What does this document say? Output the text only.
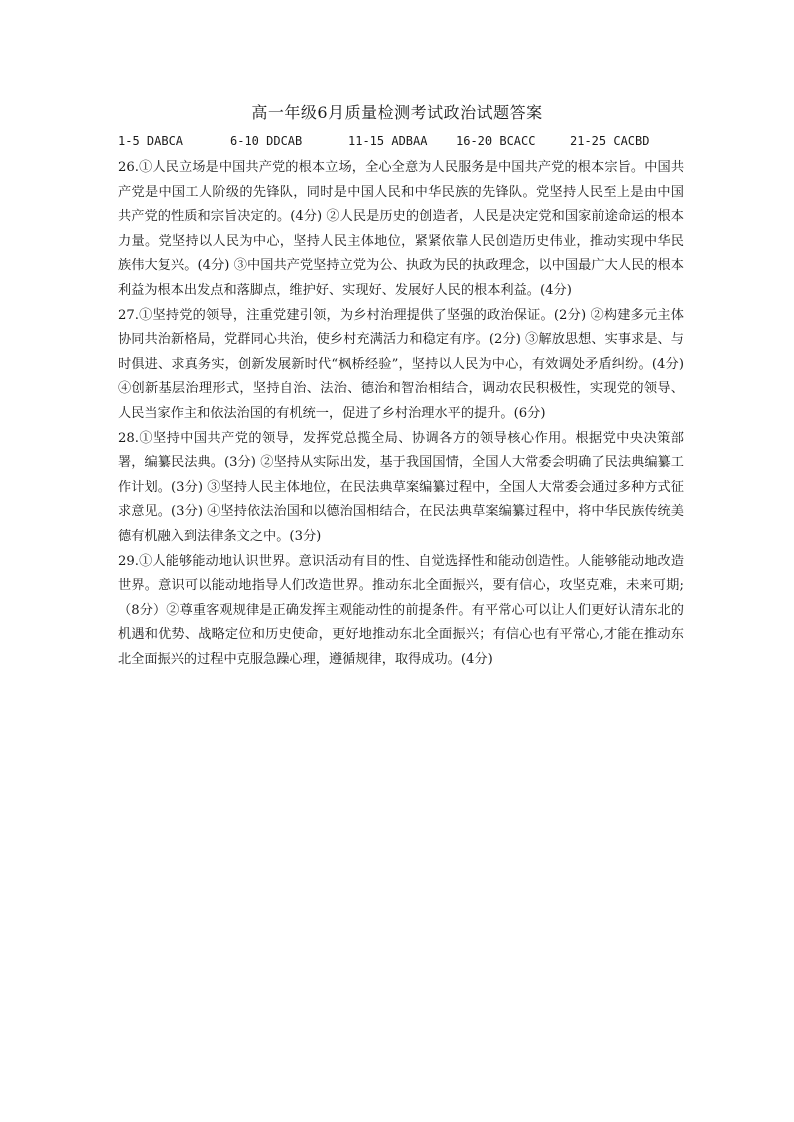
高一年级6月质量检测考试政治试题答案
1-5 DABCA	6-10 DDCAB	11-15 ADBAA 16-20 BCACC	21-25 CACBD

26.①人民立场是中国共产党的根本立场，全心全意为人民服务是中国共产党的根本宗旨。中国共产党是中国工人阶级的先锋队，同时是中国人民和中华民族的先锋队。党坚持人民至上是由中国共产党的性质和宗旨决定的。(4分) ②人民是历史的创造者，人民是决定党和国家前途命运的根本力量。党坚持以人民为中心，坚持人民主体地位，紧紧依靠人民创造历史伟业，推动实现中华民族伟大复兴。(4分) ③中国共产党坚持立党为公、执政为民的执政理念，以中国最广大人民的根本利益为根本出发点和落脚点，维护好、实现好、发展好人民的根本利益。(4分)

27.①坚持党的领导，注重党建引领，为乡村治理提供了坚强的政治保证。(2分) ②构建多元主体协同共治新格局，党群同心共治，使乡村充满活力和稳定有序。(2分) ③解放思想、实事求是、与时俱进、求真务实，创新发展新时代“枫桥经验”，坚持以人民为中心，有效调处矛盾纠纷。(4分) ④创新基层治理形式，坚持自治、法治、德治和智治相结合，调动农民积极性，实现党的领导、人民当家作主和依法治国的有机统一，促进了乡村治理水平的提升。(6分)

28.①坚持中国共产党的领导，发挥党总揽全局、协调各方的领导核心作用。根据党中央决策部署，编纂民法典。(3分) ②坚持从实际出发，基于我国国情，全国人大常委会明确了民法典编纂工作计划。(3分) ③坚持人民主体地位，在民法典草案编纂过程中，全国人大常委会通过多种方式征求意见。(3分) ④坚持依法治国和以德治国相结合，在民法典草案编纂过程中，将中华民族传统美德有机融入到法律条文之中。(3分)

29.①人能够能动地认识世界。意识活动有目的性、自觉选择性和能动创造性。人能够能动地改造世界。意识可以能动地指导人们改造世界。推动东北全面振兴，要有信心，攻坚克难，未来可期;（8分）②尊重客观规律是正确发挥主观能动性的前提条件。有平常心可以让人们更好认清东北的机遇和优势、战略定位和历史使命，更好地推动东北全面振兴；有信心也有平常心,才能在推动东北全面振兴的过程中克服急躁心理，遵循规律，取得成功。(4分)
